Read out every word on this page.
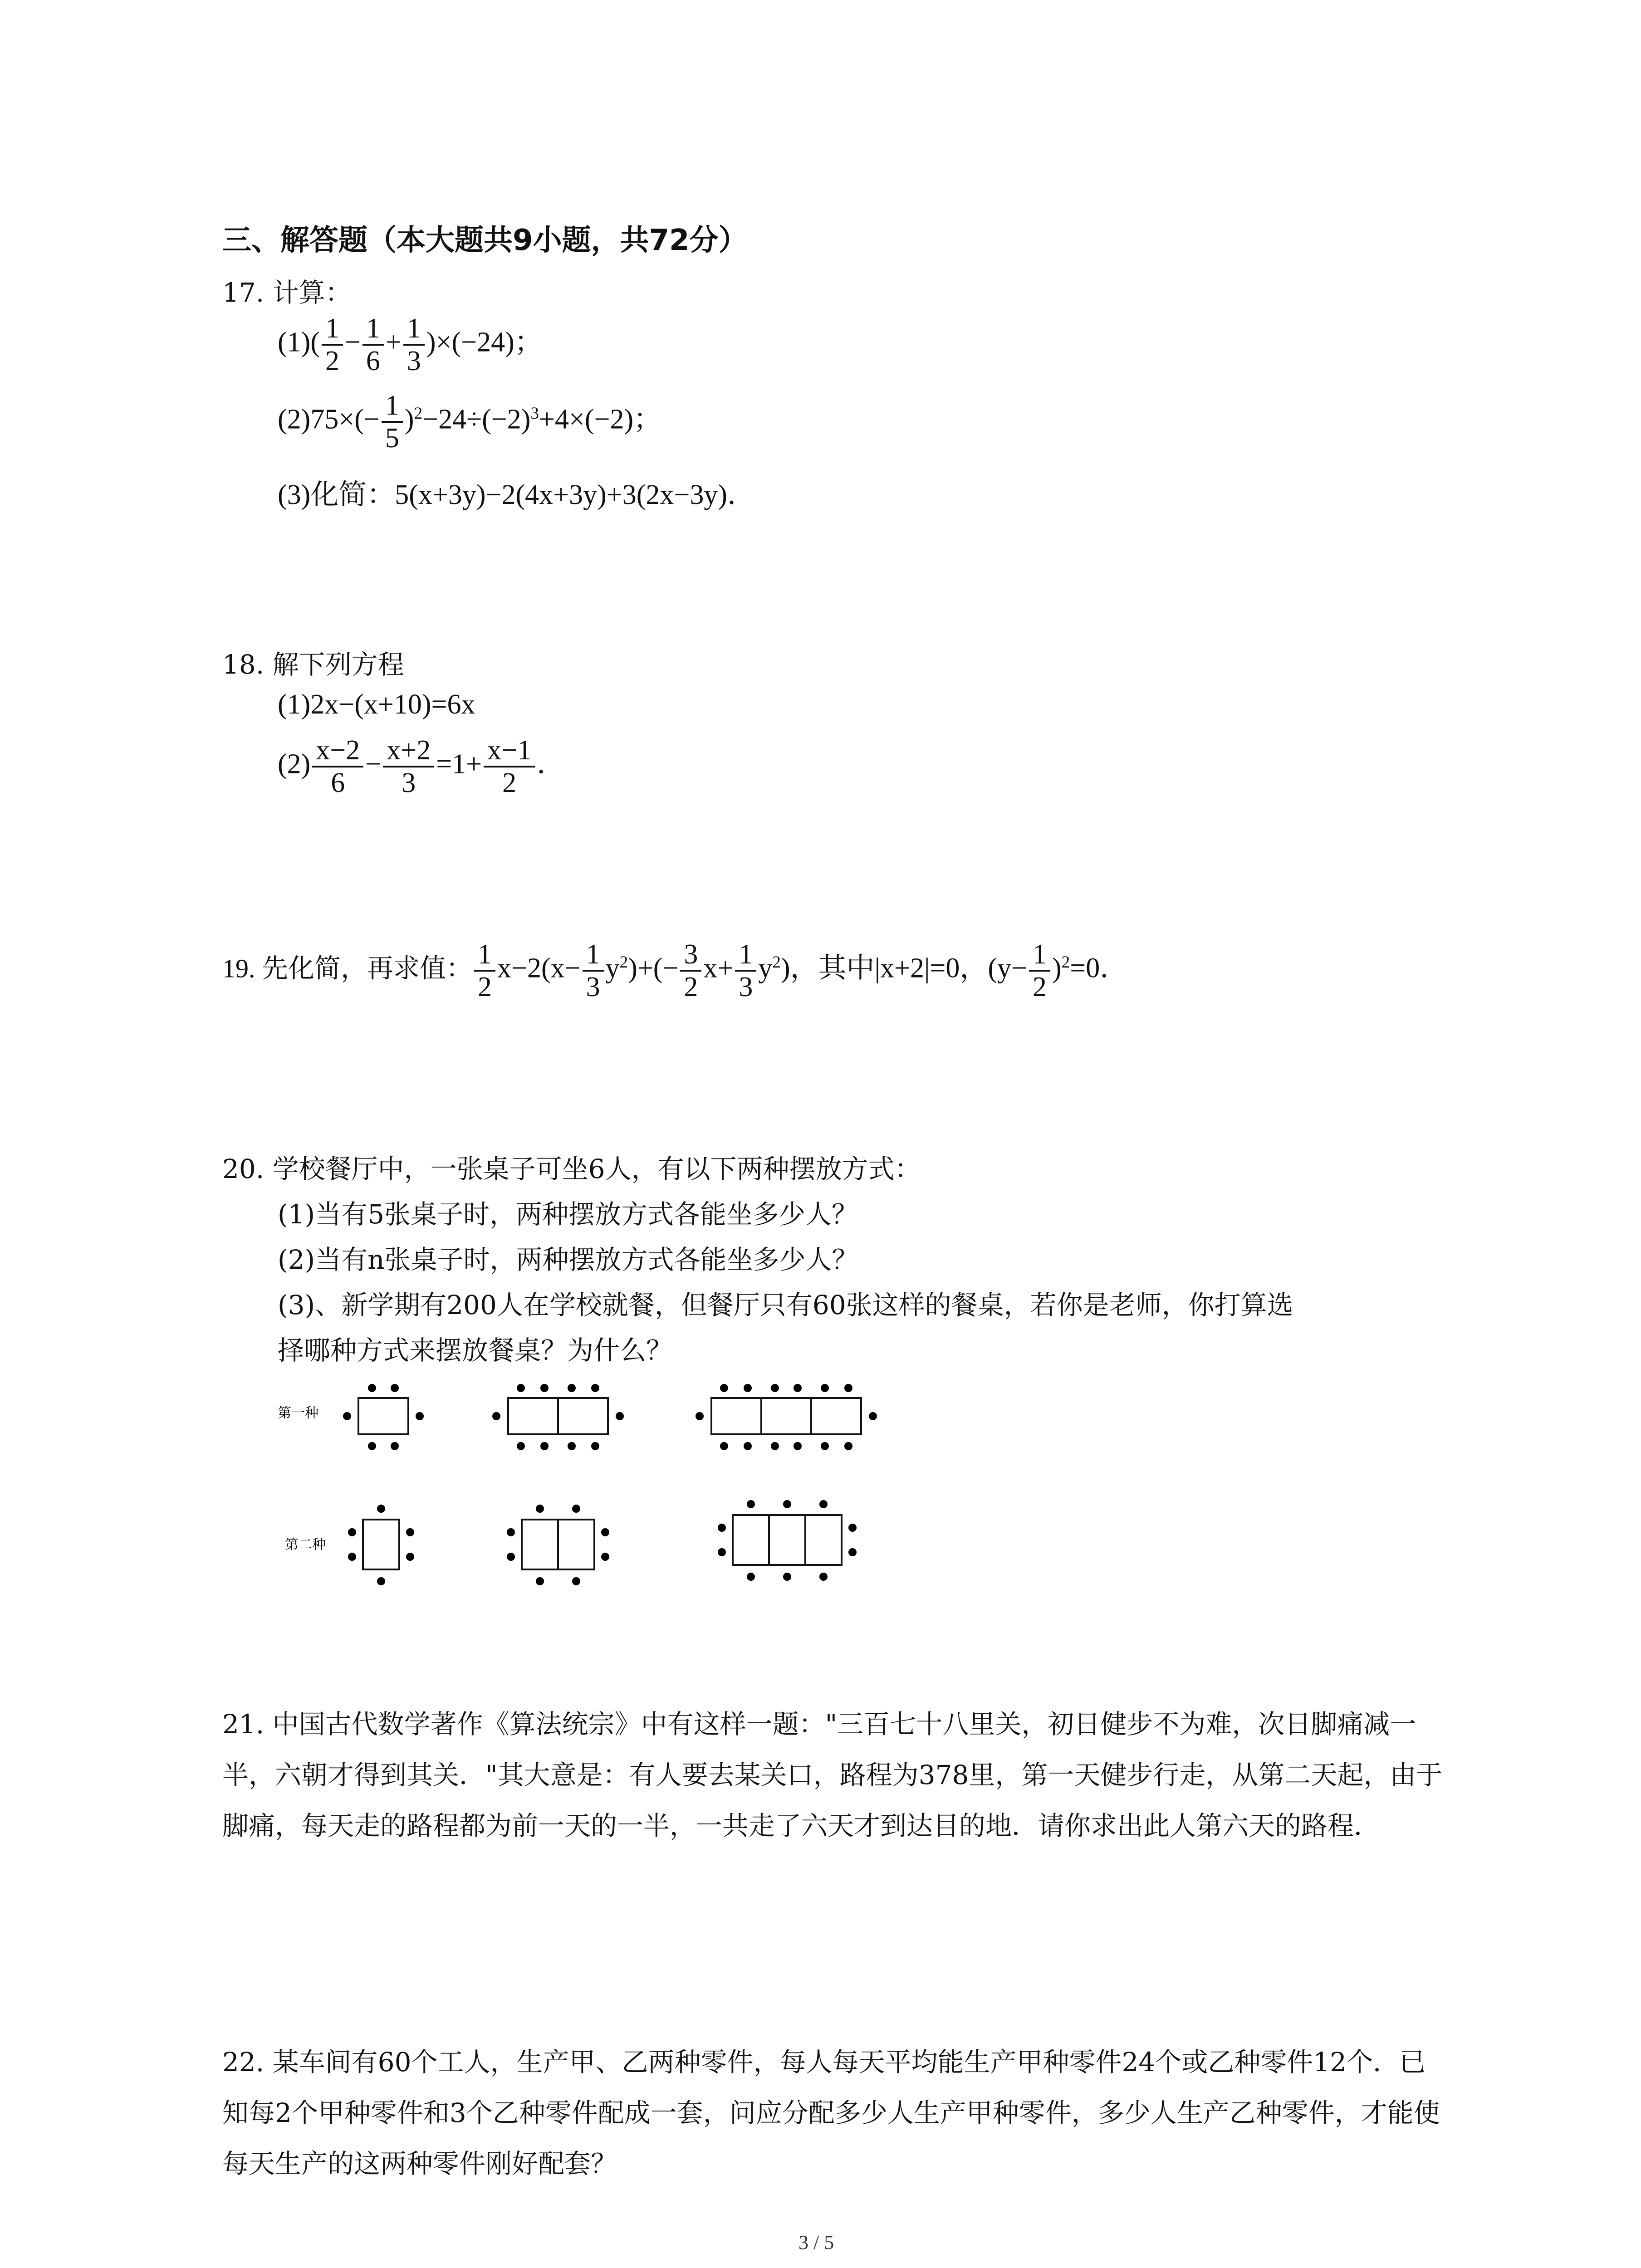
三、解答题（本大题共9小题，共72分）
17. 计算：
$(1)( \frac{1}{2} - \frac{1}{6} + \frac{1}{3} )\times(-24)$；
$(2)75\times(- \frac{1}{5} )^2-24\div(-2)^3+4\times(-2)$；
(3)化简：5(x+3y)−2(4x+3y)+3(2x−3y)．
18. 解下列方程
(1)2x−(x+10)=6x
$(2) \frac{x-2}{6} - \frac{x+2}{3} =1+ \frac{x-1}{2}$ ．
19. 先化简，再求值： $\frac{1}{2} x-2(x- \frac{1}{3} y^2)+(- \frac{3}{2} x+ \frac{1}{3} y^2)$，其中|x+2|=0，$(y- \frac{1}{2} )^2=0$．
20. 学校餐厅中，一张桌子可坐6人，有以下两种摆放方式：
(1)当有5张桌子时，两种摆放方式各能坐多少人？
(2)当有n张桌子时，两种摆放方式各能坐多少人？
(3)、新学期有200人在学校就餐，但餐厅只有60张这样的餐桌，若你是老师，你打算选
择哪种方式来摆放餐桌？为什么？
第一种
第二种
21. 中国古代数学著作《算法统宗》中有这样一题："三百七十八里关，初日健步不为难，次日脚痛减一半，六朝才得到其关．"其大意是：有人要去某关口，路程为378里，第一天健步行走，从第二天起，由于脚痛，每天走的路程都为前一天的一半，一共走了六天才到达目的地．请你求出此人第六天的路程．
22. 某车间有60个工人，生产甲、乙两种零件，每人每天平均能生产甲种零件24个或乙种零件12个．已知每2个甲种零件和3个乙种零件配成一套，问应分配多少人生产甲种零件，多少人生产乙种零件，才能使每天生产的这两种零件刚好配套？
3 / 5
